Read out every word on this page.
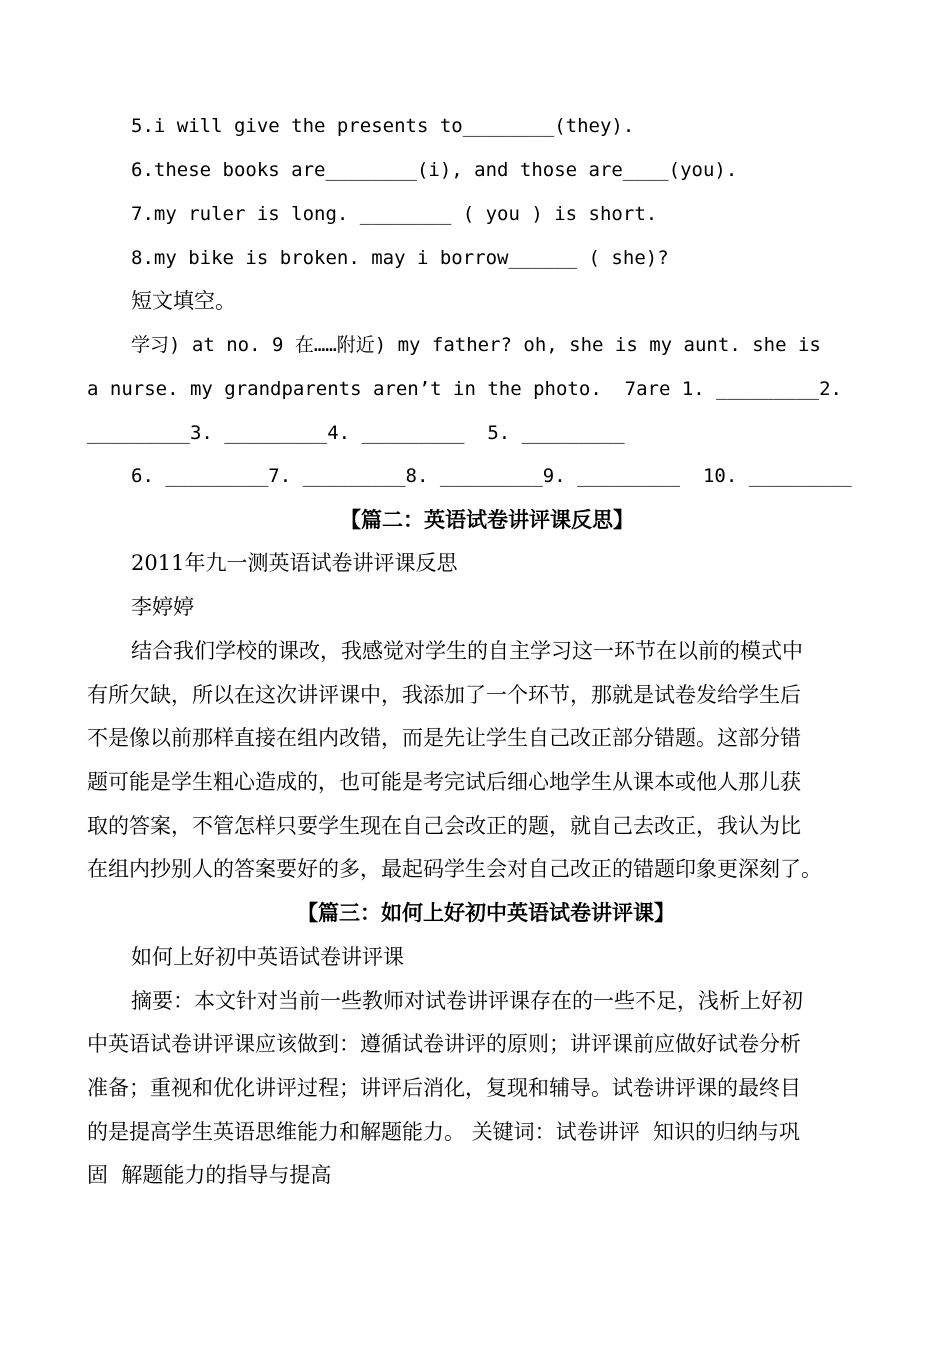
5.i will give the presents to________(they).
6.these books are________(i), and those are____(you).
7.my ruler is long. ________ ( you ) is short.
8.my bike is broken. may i borrow______ ( she)?
短文填空。
学习) at no. 9 在……附近) my father? oh, she is my aunt. she is
a nurse. my grandparents aren’t in the photo.  7are 1. _________2.
_________3. _________4. _________  5. _________
6. _________7. _________8. _________9. _________  10. _________
【篇二：英语试卷讲评课反思】
2011年九一测英语试卷讲评课反思
李婷婷
结合我们学校的课改，我感觉对学生的自主学习这一环节在以前的模式中
有所欠缺，所以在这次讲评课中，我添加了一个环节，那就是试卷发给学生后
不是像以前那样直接在组内改错，而是先让学生自己改正部分错题。这部分错
题可能是学生粗心造成的，也可能是考完试后细心地学生从课本或他人那儿获
取的答案，不管怎样只要学生现在自己会改正的题，就自己去改正，我认为比
在组内抄别人的答案要好的多，最起码学生会对自己改正的错题印象更深刻了。
【篇三：如何上好初中英语试卷讲评课】
如何上好初中英语试卷讲评课
摘要：本文针对当前一些教师对试卷讲评课存在的一些不足，浅析上好初
中英语试卷讲评课应该做到：遵循试卷讲评的原则；讲评课前应做好试卷分析
准备；重视和优化讲评过程；讲评后消化，复现和辅导。试卷讲评课的最终目
的是提高学生英语思维能力和解题能力。 关键词：试卷讲评  知识的归纳与巩
固  解题能力的指导与提高
